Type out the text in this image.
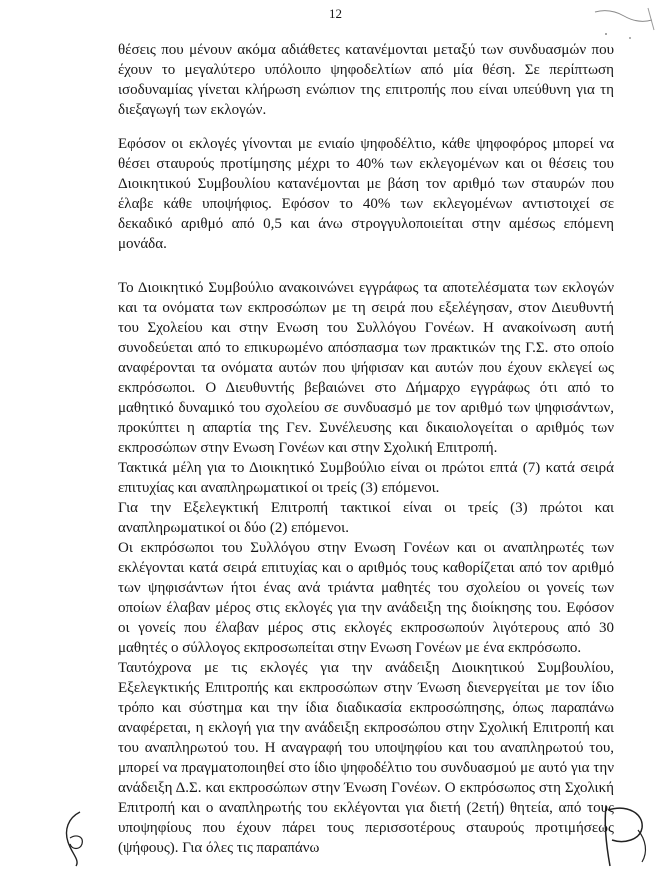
12

θέσεις που μένουν ακόμα αδιάθετες κατανέμονται μεταξύ των συνδυασμών που έχουν το μεγαλύτερο υπόλοιπο ψηφοδελτίων από μία θέση. Σε περίπτωση ισοδυναμίας γίνεται κλήρωση ενώπιον της επιτροπής που είναι υπεύθυνη για τη διεξαγωγή των εκλογών.

Εφόσον οι εκλογές γίνονται με ενιαίο ψηφοδέλτιο, κάθε ψηφοφόρος μπορεί να θέσει σταυρούς προτίμησης μέχρι το 40% των εκλεγομένων και οι θέσεις του Διοικητικού Συμβουλίου κατανέμονται με βάση τον αριθμό των σταυρών που έλαβε κάθε υποψήφιος. Εφόσον το 40% των εκλεγομένων αντιστοιχεί σε δεκαδικό αριθμό από 0,5 και άνω στρογγυλοποιείται στην αμέσως επόμενη μονάδα.

Το Διοικητικό Συμβούλιο ανακοινώνει εγγράφως τα αποτελέσματα των εκλογών και τα ονόματα των εκπροσώπων με τη σειρά που εξελέγησαν, στον Διευθυντή του Σχολείου και στην Ενωση του Συλλόγου Γονέων. Η ανακοίνωση αυτή συνοδεύεται από το επικυρωμένο απόσπασμα των πρακτικών της Γ.Σ. στο οποίο αναφέρονται τα ονόματα αυτών που ψήφισαν και αυτών που έχουν εκλεγεί ως εκπρόσωποι. Ο Διευθυντής βεβαιώνει στο Δήμαρχο εγγράφως ότι από το μαθητικό δυναμικό του σχολείου σε συνδυασμό με τον αριθμό των ψηφισάντων, προκύπτει η απαρτία της Γεν. Συνέλευσης και δικαιολογείται ο αριθμός των εκπροσώπων στην Ενωση Γονέων και στην Σχολική Επιτροπή.

Τακτικά μέλη για το Διοικητικό Συμβούλιο είναι οι πρώτοι επτά (7) κατά σειρά επιτυχίας και αναπληρωματικοί οι τρείς (3) επόμενοι.

Για την Εξελεγκτική Επιτροπή τακτικοί είναι οι τρείς (3) πρώτοι και αναπληρωματικοί οι δύο (2) επόμενοι.

Οι εκπρόσωποι του Συλλόγου στην Ενωση Γονέων και οι αναπληρωτές των εκλέγονται κατά σειρά επιτυχίας και ο αριθμός τους καθορίζεται από τον αριθμό των ψηφισάντων ήτοι ένας ανά τριάντα μαθητές του σχολείου οι γονείς των οποίων έλαβαν μέρος στις εκλογές για την ανάδειξη της διοίκησης του. Εφόσον οι γονείς που έλαβαν μέρος στις εκλογές εκπροσωπούν λιγότερους από 30 μαθητές ο σύλλογος εκπροσωπείται στην Ενωση Γονέων με ένα εκπρόσωπο.

Ταυτόχρονα με τις εκλογές για την ανάδειξη Διοικητικού Συμβουλίου, Εξελεγκτικής Επιτροπής και εκπροσώπων στην Ένωση διενεργείται με τον ίδιο τρόπο και σύστημα και την ίδια διαδικασία εκπροσώπησης, όπως παραπάνω αναφέρεται, η εκλογή για την ανάδειξη εκπροσώπου στην Σχολική Επιτροπή και του αναπληρωτού του. Η αναγραφή του υποψηφίου και του αναπληρωτού του, μπορεί να πραγματοποιηθεί στο ίδιο ψηφοδέλτιο του συνδυασμού με αυτό για την ανάδειξη Δ.Σ. και εκπροσώπων στην Ένωση Γονέων. Ο εκπρόσωπος στη Σχολική Επιτροπή και ο αναπληρωτής του εκλέγονται για διετή (2ετή) θητεία, από τους υποψηφίους που έχουν πάρει τους περισσοτέρους σταυρούς προτιμήσεως (ψήφους). Για όλες τις παραπάνω
